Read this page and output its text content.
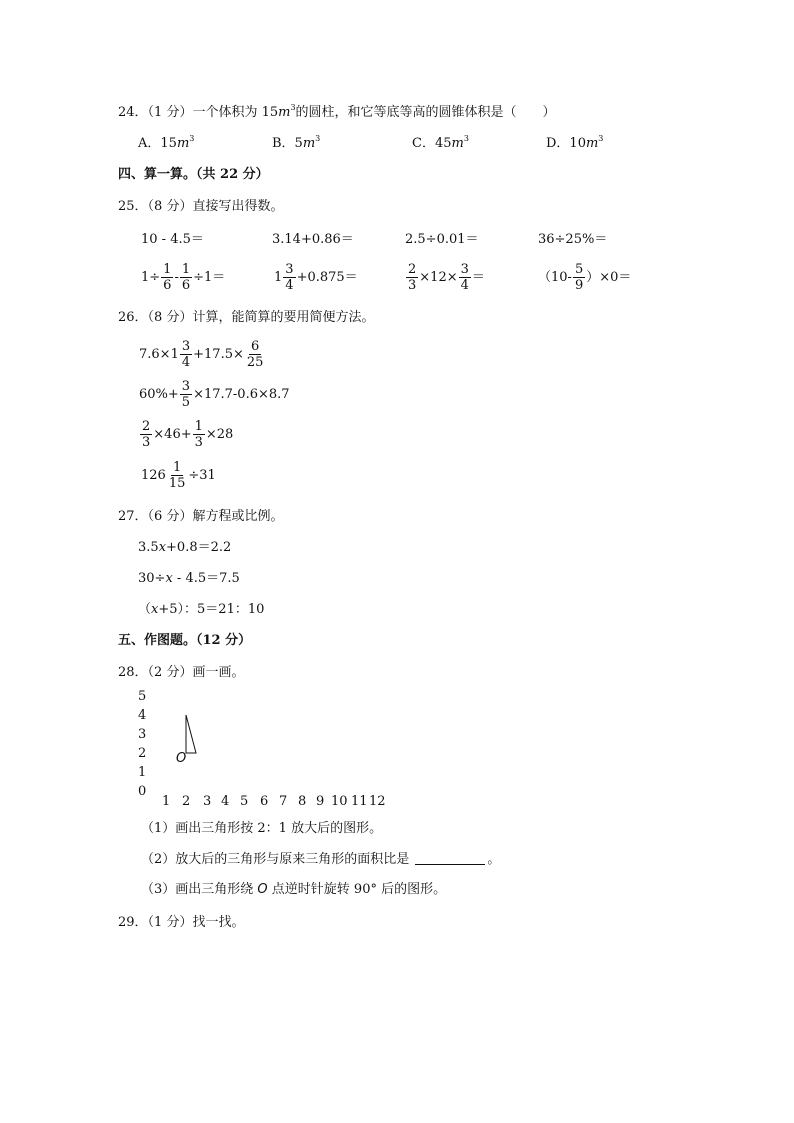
24．（1 分）一个体积为 $15m^3$的圆柱，和它等底等高的圆锥体积是（　　）
A．$15m^3$	B．$5m^3$	C．$45m^3$	D．$10m^3$
四、算一算。（共 22 分）
25．（8 分）直接写出得数。
10 - 4.5＝	3.14+0.86＝	2.5÷0.01＝	36÷25%＝
$1\div \frac{1}{6} - \frac{1}{6} \div 1=$	$1 \frac{3}{4} +0.875=$	$\frac{2}{3} \times 12\times \frac{3}{4}$ ＝	$(10- \frac{5}{9} )\times 0=$
26．（8 分）计算，能简算的要用简便方法。
$7.6\times 1 \frac{3}{4} +17.5\times \frac{6}{25}$
$60\%+ \frac{3}{5} \times 17.7-0.6\times 8.7$
$\frac{2}{3} \times 46+ \frac{1}{3} \times 28$
$126 \frac{1}{15} \div 31$
27．（6 分）解方程或比例。
3.5x+0.8＝2.2
30÷x - 4.5＝7.5
（x+5）：5＝21：10
五、作图题。（12 分）
28．（2 分）画一画。
5
4
3
2
1
0
1 2 3 4 5 6 7 8 9 10 11 12
O
（1）画出三角形按 2：1 放大后的图形。
（2）放大后的三角形与原来三角形的面积比是	。
（3）画出三角形绕 O 点逆时针旋转 90° 后的图形。
29．（1 分）找一找。
